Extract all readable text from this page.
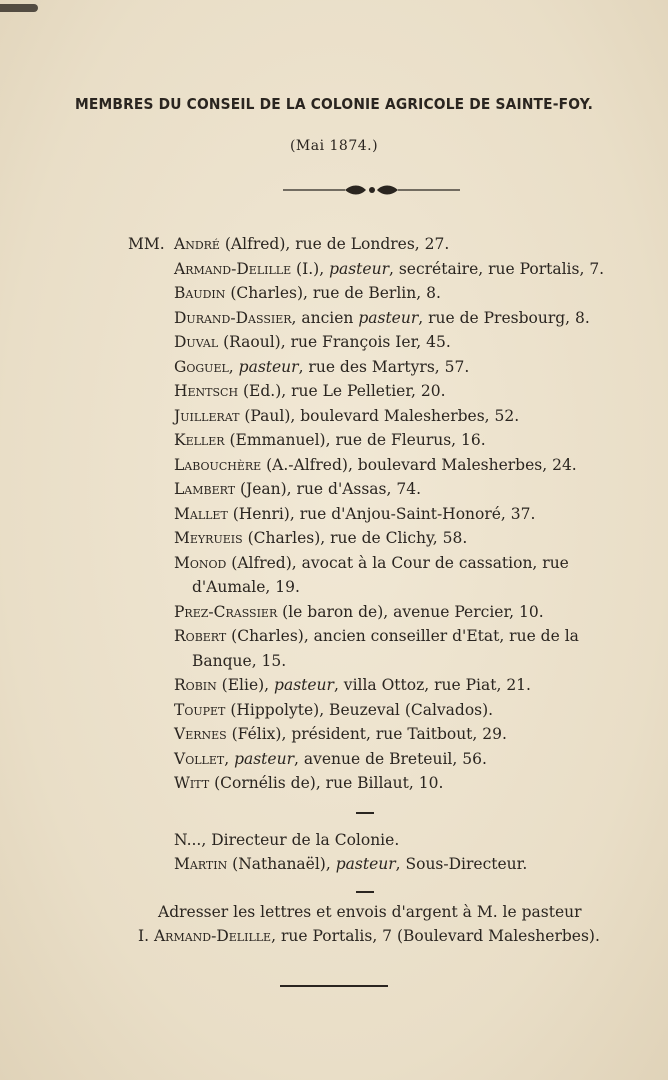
MEMBRES DU CONSEIL DE LA COLONIE AGRICOLE DE SAINTE-FOY.
(Mai 1874.)
MM. André (Alfred), rue de Londres, 27.
Armand-Delille (I.), pasteur, secrétaire, rue Portalis, 7.
Baudin (Charles), rue de Berlin, 8.
Durand-Dassier, ancien pasteur, rue de Presbourg, 8.
Duval (Raoul), rue François Ier, 45.
Goguel, pasteur, rue des Martyrs, 57.
Hentsch (Ed.), rue Le Pelletier, 20.
Juillerat (Paul), boulevard Malesherbes, 52.
Keller (Emmanuel), rue de Fleurus, 16.
Labouchère (A.-Alfred), boulevard Malesherbes, 24.
Lambert (Jean), rue d'Assas, 74.
Mallet (Henri), rue d'Anjou-Saint-Honoré, 37.
Meyrueis (Charles), rue de Clichy, 58.
Monod (Alfred), avocat à la Cour de cassation, rue d'Aumale, 19.
Prez-Crassier (le baron de), avenue Percier, 10.
Robert (Charles), ancien conseiller d'Etat, rue de la Banque, 15.
Robin (Elie), pasteur, villa Ottoz, rue Piat, 21.
Toupet (Hippolyte), Beuzeval (Calvados).
Vernes (Félix), président, rue Taitbout, 29.
Vollet, pasteur, avenue de Breteuil, 56.
Witt (Cornélis de), rue Billaut, 10.
N..., Directeur de la Colonie.
Martin (Nathanaël), pasteur, Sous-Directeur.
Adresser les lettres et envois d'argent à M. le pasteur
I. Armand-Delille, rue Portalis, 7 (Boulevard Malesherbes).
